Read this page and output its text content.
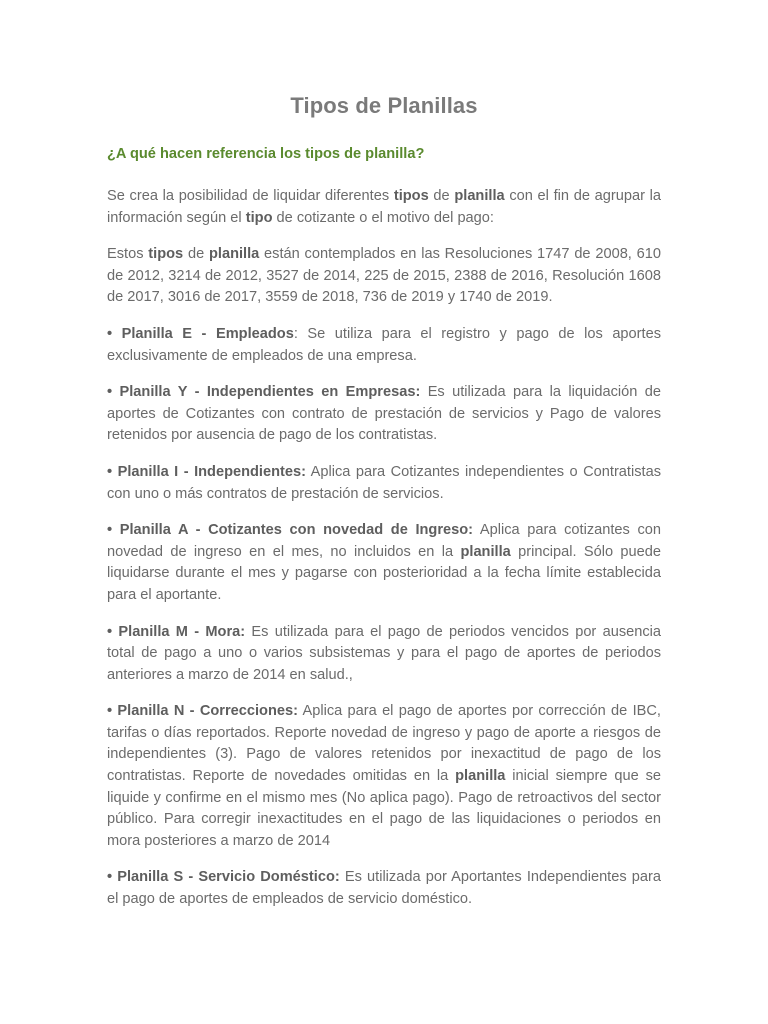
Tipos de Planillas
¿A qué hacen referencia los tipos de planilla?

Se crea la posibilidad de liquidar diferentes tipos de planilla con el fin de agrupar la información según el tipo de cotizante o el motivo del pago:

Estos tipos de planilla están contemplados en las Resoluciones 1747 de 2008, 610 de 2012, 3214 de 2012, 3527 de 2014, 225 de 2015, 2388 de 2016, Resolución 1608 de 2017, 3016 de 2017, 3559 de 2018, 736 de 2019 y 1740 de 2019.

• Planilla E - Empleados: Se utiliza para el registro y pago de los aportes exclusivamente de empleados de una empresa.

• Planilla Y - Independientes en Empresas: Es utilizada para la liquidación de aportes de Cotizantes con contrato de prestación de servicios y Pago de valores retenidos por ausencia de pago de los contratistas.

• Planilla I - Independientes: Aplica para Cotizantes independientes o Contratistas con uno o más contratos de prestación de servicios.

• Planilla A - Cotizantes con novedad de Ingreso: Aplica para cotizantes con novedad de ingreso en el mes, no incluidos en la planilla principal. Sólo puede liquidarse durante el mes y pagarse con posterioridad a la fecha límite establecida para el aportante.

• Planilla M - Mora: Es utilizada para el pago de periodos vencidos por ausencia total de pago a uno o varios subsistemas y para el pago de aportes de periodos anteriores a marzo de 2014 en salud.,

• Planilla N - Correcciones: Aplica para el pago de aportes por corrección de IBC, tarifas o días reportados. Reporte novedad de ingreso y pago de aporte a riesgos de independientes (3). Pago de valores retenidos por inexactitud de pago de los contratistas. Reporte de novedades omitidas en la planilla inicial siempre que se liquide y confirme en el mismo mes (No aplica pago). Pago de retroactivos del sector público. Para corregir inexactitudes en el pago de las liquidaciones o periodos en mora posteriores a marzo de 2014

• Planilla S - Servicio Doméstico: Es utilizada por Aportantes Independientes para el pago de aportes de empleados de servicio doméstico.
